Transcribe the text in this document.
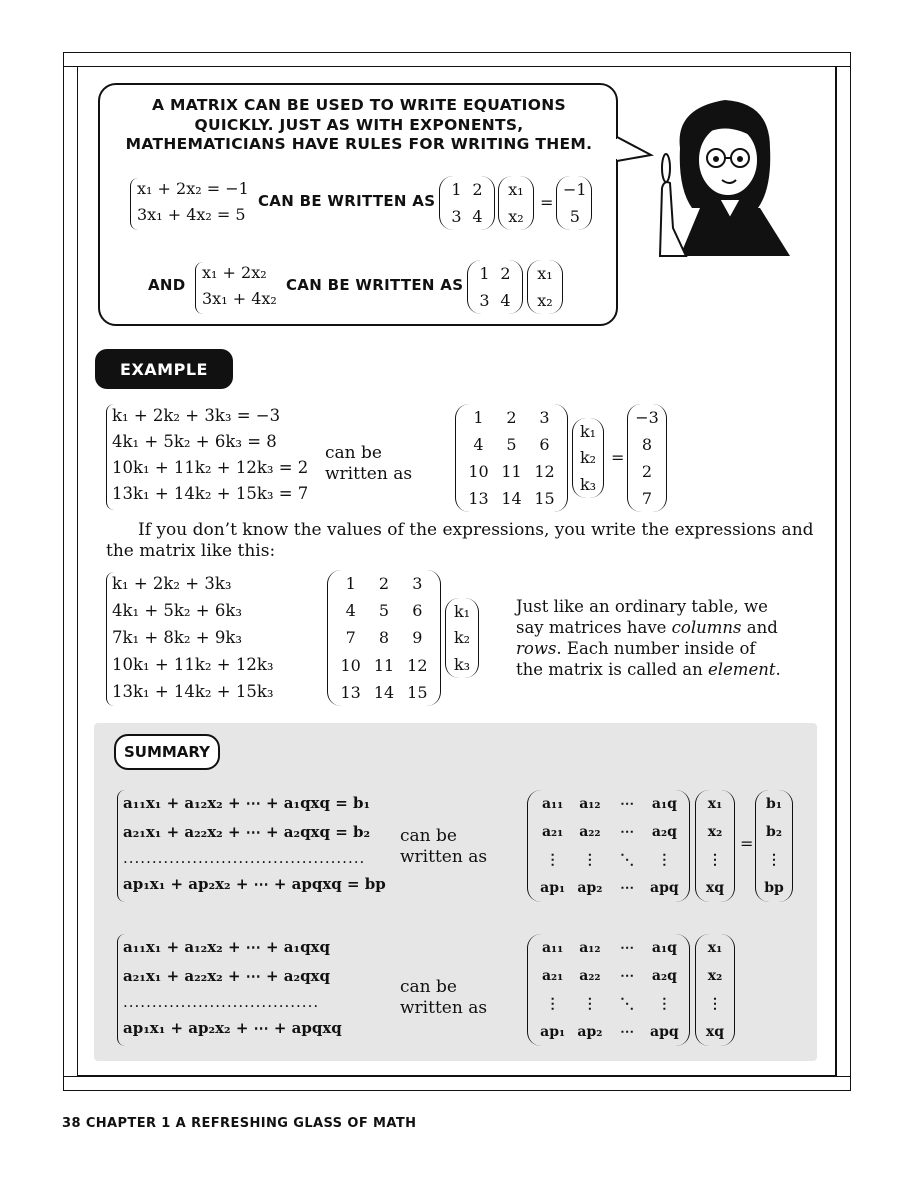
A MATRIX CAN BE USED TO WRITE EQUATIONS QUICKLY. JUST AS WITH EXPONENTS, MATHEMATICIANS HAVE RULES FOR WRITING THEM.
x₁ + 2x₂ = −1
3x₁ + 4x₂ = 5
CAN BE WRITTEN AS
1 2
3 4
x₁
x₂
=
−1
5
AND
x₁ + 2x₂
3x₁ + 4x₂
CAN BE WRITTEN AS
1 2
3 4
x₁
x₂
EXAMPLE
k₁ + 2k₂ + 3k₃ = −3
4k₁ + 5k₂ + 6k₃ = 8
10k₁ + 11k₂ + 12k₃ = 2
13k₁ + 14k₂ + 15k₃ = 7
can be
written as
1	2	3
4	5	6
10 11 12
13 14 15
k₁
k₂
k₃
=
−3
8
2
7
If you don’t know the values of the expressions, you write the expressions and the matrix like this:
k₁ + 2k₂ + 3k₃
4k₁ + 5k₂ + 6k₃
7k₁ + 8k₂ + 9k₃
10k₁ + 11k₂ + 12k₃
13k₁ + 14k₂ + 15k₃
1	2	3
4	5	6
7	8	9
10 11 12
13 14 15
k₁
k₂
k₃
Just like an ordinary table, we
say matrices have columns and
rows. Each number inside of
the matrix is called an element.
SUMMARY
a₁₁x₁ + a₁₂x₂ + ⋯ + a₁qxq = b₁
a₂₁x₁ + a₂₂x₂ + ⋯ + a₂qxq = b₂
..........................................
ap₁x₁ + ap₂x₂ + ⋯ + apqxq = bp
can be
written as
a₁₁	a₁₂	⋯	a₁q
a₂₁	a₂₂	⋯	a₂q
⋮	⋮	⋱	⋮
ap₁ ap₂	⋯	apq
x₁
x₂
⋮
xq
=
b₁
b₂
⋮
bp
a₁₁x₁ + a₁₂x₂ + ⋯ + a₁qxq
a₂₁x₁ + a₂₂x₂ + ⋯ + a₂qxq
..................................
ap₁x₁ + ap₂x₂ + ⋯ + apqxq
can be
written as
a₁₁	a₁₂	⋯	a₁q
a₂₁	a₂₂	⋯	a₂q
⋮	⋮	⋱	⋮
ap₁ ap₂	⋯	apq
x₁
x₂
⋮
xq
38 CHAPTER 1 A REFRESHING GLASS OF MATH
